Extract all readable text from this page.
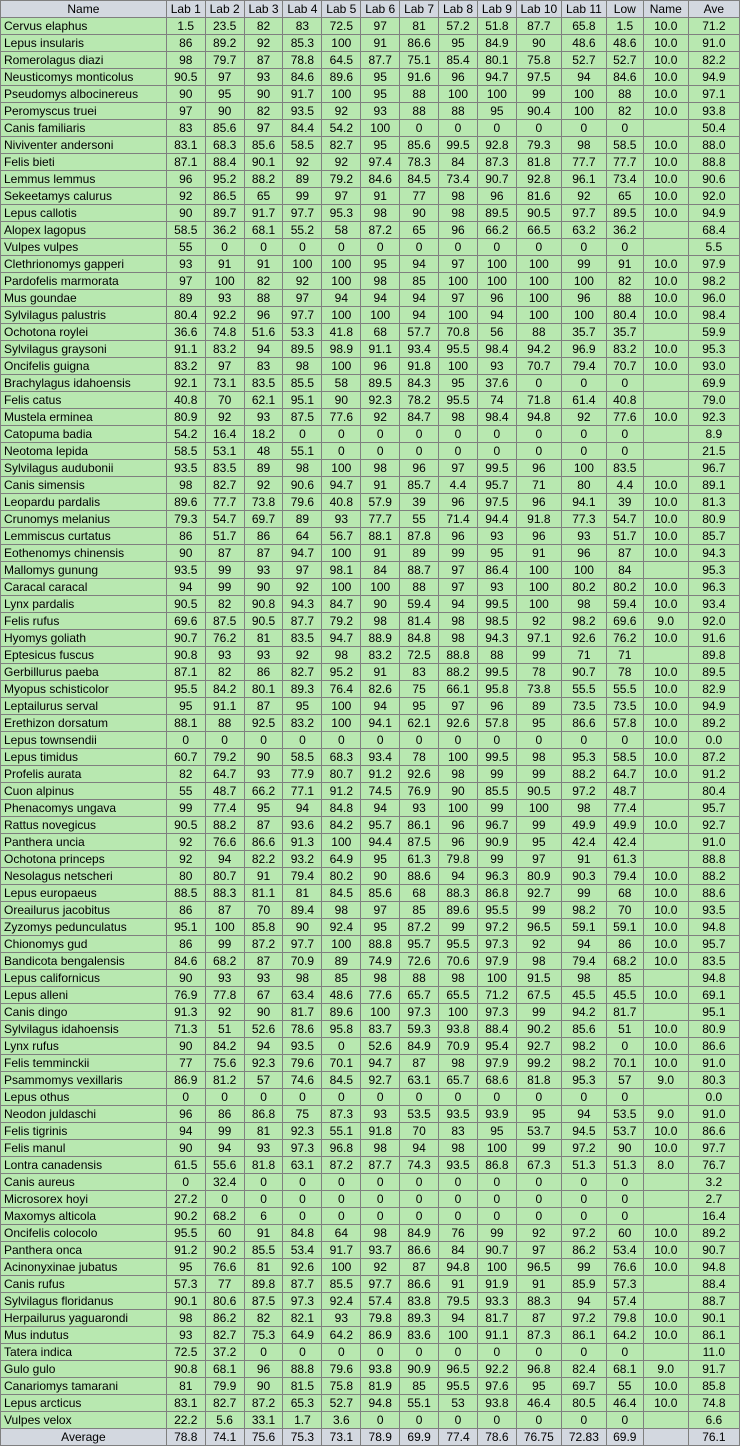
Name	Lab 1	Lab 2	Lab 3	Lab 4	Lab 5	Lab 6	Lab 7	Lab 8	Lab 9	Lab 10	Lab 11	Low	Name	Ave
Cervus elaphus	1.5	23.5	82	83	72.5	97	81	57.2	51.8	87.7	65.8	1.5	10.0	71.2
Lepus insularis	86	89.2	92	85.3	100	91	86.6	95	84.9	90	48.6	48.6	10.0	91.0
Romerolagus diazi	98	79.7	87	78.8	64.5	87.7	75.1	85.4	80.1	75.8	52.7	52.7	10.0	82.2
Neusticomys monticolus	90.5	97	93	84.6	89.6	95	91.6	96	94.7	97.5	94	84.6	10.0	94.9
Pseudomys albocinereus	90	95	90	91.7	100	95	88	100	100	99	100	88	10.0	97.1
Peromyscus truei	97	90	82	93.5	92	93	88	88	95	90.4	100	82	10.0	93.8
Canis familiaris	83	85.6	97	84.4	54.2	100	0	0	0	0	0	0		50.4
Niviventer andersoni	83.1	68.3	85.6	58.5	82.7	95	85.6	99.5	92.8	79.3	98	58.5	10.0	88.0
Felis bieti	87.1	88.4	90.1	92	92	97.4	78.3	84	87.3	81.8	77.7	77.7	10.0	88.8
Lemmus lemmus	96	95.2	88.2	89	79.2	84.6	84.5	73.4	90.7	92.8	96.1	73.4	10.0	90.6
Sekeetamys calurus	92	86.5	65	99	97	91	77	98	96	81.6	92	65	10.0	92.0
Lepus callotis	90	89.7	91.7	97.7	95.3	98	90	98	89.5	90.5	97.7	89.5	10.0	94.9
Alopex lagopus	58.5	36.2	68.1	55.2	58	87.2	65	96	66.2	66.5	63.2	36.2		68.4
Vulpes vulpes	55	0	0	0	0	0	0	0	0	0	0	0		5.5
Clethrionomys gapperi	93	91	91	100	100	95	94	97	100	100	99	91	10.0	97.9
Pardofelis marmorata	97	100	82	92	100	98	85	100	100	100	100	82	10.0	98.2
Mus goundae	89	93	88	97	94	94	94	97	96	100	96	88	10.0	96.0
Sylvilagus palustris	80.4	92.2	96	97.7	100	100	94	100	94	100	100	80.4	10.0	98.4
Ochotona roylei	36.6	74.8	51.6	53.3	41.8	68	57.7	70.8	56	88	35.7	35.7		59.9
Sylvilagus graysoni	91.1	83.2	94	89.5	98.9	91.1	93.4	95.5	98.4	94.2	96.9	83.2	10.0	95.3
Oncifelis guigna	83.2	97	83	98	100	96	91.8	100	93	70.7	79.4	70.7	10.0	93.0
Brachylagus idahoensis	92.1	73.1	83.5	85.5	58	89.5	84.3	95	37.6	0	0	0		69.9
Felis catus	40.8	70	62.1	95.1	90	92.3	78.2	95.5	74	71.8	61.4	40.8		79.0
Mustela erminea	80.9	92	93	87.5	77.6	92	84.7	98	98.4	94.8	92	77.6	10.0	92.3
Catopuma badia	54.2	16.4	18.2	0	0	0	0	0	0	0	0	0		8.9
Neotoma lepida	58.5	53.1	48	55.1	0	0	0	0	0	0	0	0		21.5
Sylvilagus audubonii	93.5	83.5	89	98	100	98	96	97	99.5	96	100	83.5		96.7
Canis simensis	98	82.7	92	90.6	94.7	91	85.7	4.4	95.7	71	80	4.4	10.0	89.1
Leopardu pardalis	89.6	77.7	73.8	79.6	40.8	57.9	39	96	97.5	96	94.1	39	10.0	81.3
Crunomys melanius	79.3	54.7	69.7	89	93	77.7	55	71.4	94.4	91.8	77.3	54.7	10.0	80.9
Lemmiscus curtatus	86	51.7	86	64	56.7	88.1	87.8	96	93	96	93	51.7	10.0	85.7
Eothenomys chinensis	90	87	87	94.7	100	91	89	99	95	91	96	87	10.0	94.3
Mallomys gunung	93.5	99	93	97	98.1	84	88.7	97	86.4	100	100	84		95.3
Caracal caracal	94	99	90	92	100	100	88	97	93	100	80.2	80.2	10.0	96.3
Lynx pardalis	90.5	82	90.8	94.3	84.7	90	59.4	94	99.5	100	98	59.4	10.0	93.4
Felis rufus	69.6	87.5	90.5	87.7	79.2	98	81.4	98	98.5	92	98.2	69.6	9.0	92.0
Hyomys goliath	90.7	76.2	81	83.5	94.7	88.9	84.8	98	94.3	97.1	92.6	76.2	10.0	91.6
Eptesicus fuscus	90.8	93	93	92	98	83.2	72.5	88.8	88	99	71	71		89.8
Gerbillurus paeba	87.1	82	86	82.7	95.2	91	83	88.2	99.5	78	90.7	78	10.0	89.5
Myopus schisticolor	95.5	84.2	80.1	89.3	76.4	82.6	75	66.1	95.8	73.8	55.5	55.5	10.0	82.9
Leptailurus serval	95	91.1	87	95	100	94	95	97	96	89	73.5	73.5	10.0	94.9
Erethizon dorsatum	88.1	88	92.5	83.2	100	94.1	62.1	92.6	57.8	95	86.6	57.8	10.0	89.2
Lepus townsendii	0	0	0	0	0	0	0	0	0	0	0	0	10.0	0.0
Lepus timidus	60.7	79.2	90	58.5	68.3	93.4	78	100	99.5	98	95.3	58.5	10.0	87.2
Profelis aurata	82	64.7	93	77.9	80.7	91.2	92.6	98	99	99	88.2	64.7	10.0	91.2
Cuon alpinus	55	48.7	66.2	77.1	91.2	74.5	76.9	90	85.5	90.5	97.2	48.7		80.4
Phenacomys ungava	99	77.4	95	94	84.8	94	93	100	99	100	98	77.4		95.7
Rattus novegicus	90.5	88.2	87	93.6	84.2	95.7	86.1	96	96.7	99	49.9	49.9	10.0	92.7
Panthera uncia	92	76.6	86.6	91.3	100	94.4	87.5	96	90.9	95	42.4	42.4		91.0
Ochotona princeps	92	94	82.2	93.2	64.9	95	61.3	79.8	99	97	91	61.3		88.8
Nesolagus netscheri	80	80.7	91	79.4	80.2	90	88.6	94	96.3	80.9	90.3	79.4	10.0	88.2
Lepus europaeus	88.5	88.3	81.1	81	84.5	85.6	68	88.3	86.8	92.7	99	68	10.0	88.6
Oreailurus jacobitus	86	87	70	89.4	98	97	85	89.6	95.5	99	98.2	70	10.0	93.5
Zyzomys pedunculatus	95.1	100	85.8	90	92.4	95	87.2	99	97.2	96.5	59.1	59.1	10.0	94.8
Chionomys gud	86	99	87.2	97.7	100	88.8	95.7	95.5	97.3	92	94	86	10.0	95.7
Bandicota bengalensis	84.6	68.2	87	70.9	89	74.9	72.6	70.6	97.9	98	79.4	68.2	10.0	83.5
Lepus californicus	90	93	93	98	85	98	88	98	100	91.5	98	85		94.8
Lepus alleni	76.9	77.8	67	63.4	48.6	77.6	65.7	65.5	71.2	67.5	45.5	45.5	10.0	69.1
Canis dingo	91.3	92	90	81.7	89.6	100	97.3	100	97.3	99	94.2	81.7		95.1
Sylvilagus idahoensis	71.3	51	52.6	78.6	95.8	83.7	59.3	93.8	88.4	90.2	85.6	51	10.0	80.9
Lynx rufus	90	84.2	94	93.5	0	52.6	84.9	70.9	95.4	92.7	98.2	0	10.0	86.6
Felis temminckii	77	75.6	92.3	79.6	70.1	94.7	87	98	97.9	99.2	98.2	70.1	10.0	91.0
Psammomys vexillaris	86.9	81.2	57	74.6	84.5	92.7	63.1	65.7	68.6	81.8	95.3	57	9.0	80.3
Lepus othus	0	0	0	0	0	0	0	0	0	0	0	0		0.0
Neodon juldaschi	96	86	86.8	75	87.3	93	53.5	93.5	93.9	95	94	53.5	9.0	91.0
Felis tigrinis	94	99	81	92.3	55.1	91.8	70	83	95	53.7	94.5	53.7	10.0	86.6
Felis manul	90	94	93	97.3	96.8	98	94	98	100	99	97.2	90	10.0	97.7
Lontra canadensis	61.5	55.6	81.8	63.1	87.2	87.7	74.3	93.5	86.8	67.3	51.3	51.3	8.0	76.7
Canis aureus	0	32.4	0	0	0	0	0	0	0	0	0	0		3.2
Microsorex hoyi	27.2	0	0	0	0	0	0	0	0	0	0	0		2.7
Maxomys alticola	90.2	68.2	6	0	0	0	0	0	0	0	0	0		16.4
Oncifelis colocolo	95.5	60	91	84.8	64	98	84.9	76	99	92	97.2	60	10.0	89.2
Panthera onca	91.2	90.2	85.5	53.4	91.7	93.7	86.6	84	90.7	97	86.2	53.4	10.0	90.7
Acinonyxinae jubatus	95	76.6	81	92.6	100	92	87	94.8	100	96.5	99	76.6	10.0	94.8
Canis rufus	57.3	77	89.8	87.7	85.5	97.7	86.6	91	91.9	91	85.9	57.3		88.4
Sylvilagus floridanus	90.1	80.6	87.5	97.3	92.4	57.4	83.8	79.5	93.3	88.3	94	57.4		88.7
Herpailurus yaguarondi	98	86.2	82	82.1	93	79.8	89.3	94	81.7	87	97.2	79.8	10.0	90.1
Mus indutus	93	82.7	75.3	64.9	64.2	86.9	83.6	100	91.1	87.3	86.1	64.2	10.0	86.1
Tatera indica	72.5	37.2	0	0	0	0	0	0	0	0	0	0		11.0
Gulo gulo	90.8	68.1	96	88.8	79.6	93.8	90.9	96.5	92.2	96.8	82.4	68.1	9.0	91.7
Canariomys tamarani	81	79.9	90	81.5	75.8	81.9	85	95.5	97.6	95	69.7	55	10.0	85.8
Lepus arcticus	83.1	82.7	87.2	65.3	52.7	94.8	55.1	53	93.8	46.4	80.5	46.4	10.0	74.8
Vulpes velox	22.2	5.6	33.1	1.7	3.6	0	0	0	0	0	0	0		6.6
Average	78.8	74.1	75.6	75.3	73.1	78.9	69.9	77.4	78.6	76.75	72.83	69.9		76.1
